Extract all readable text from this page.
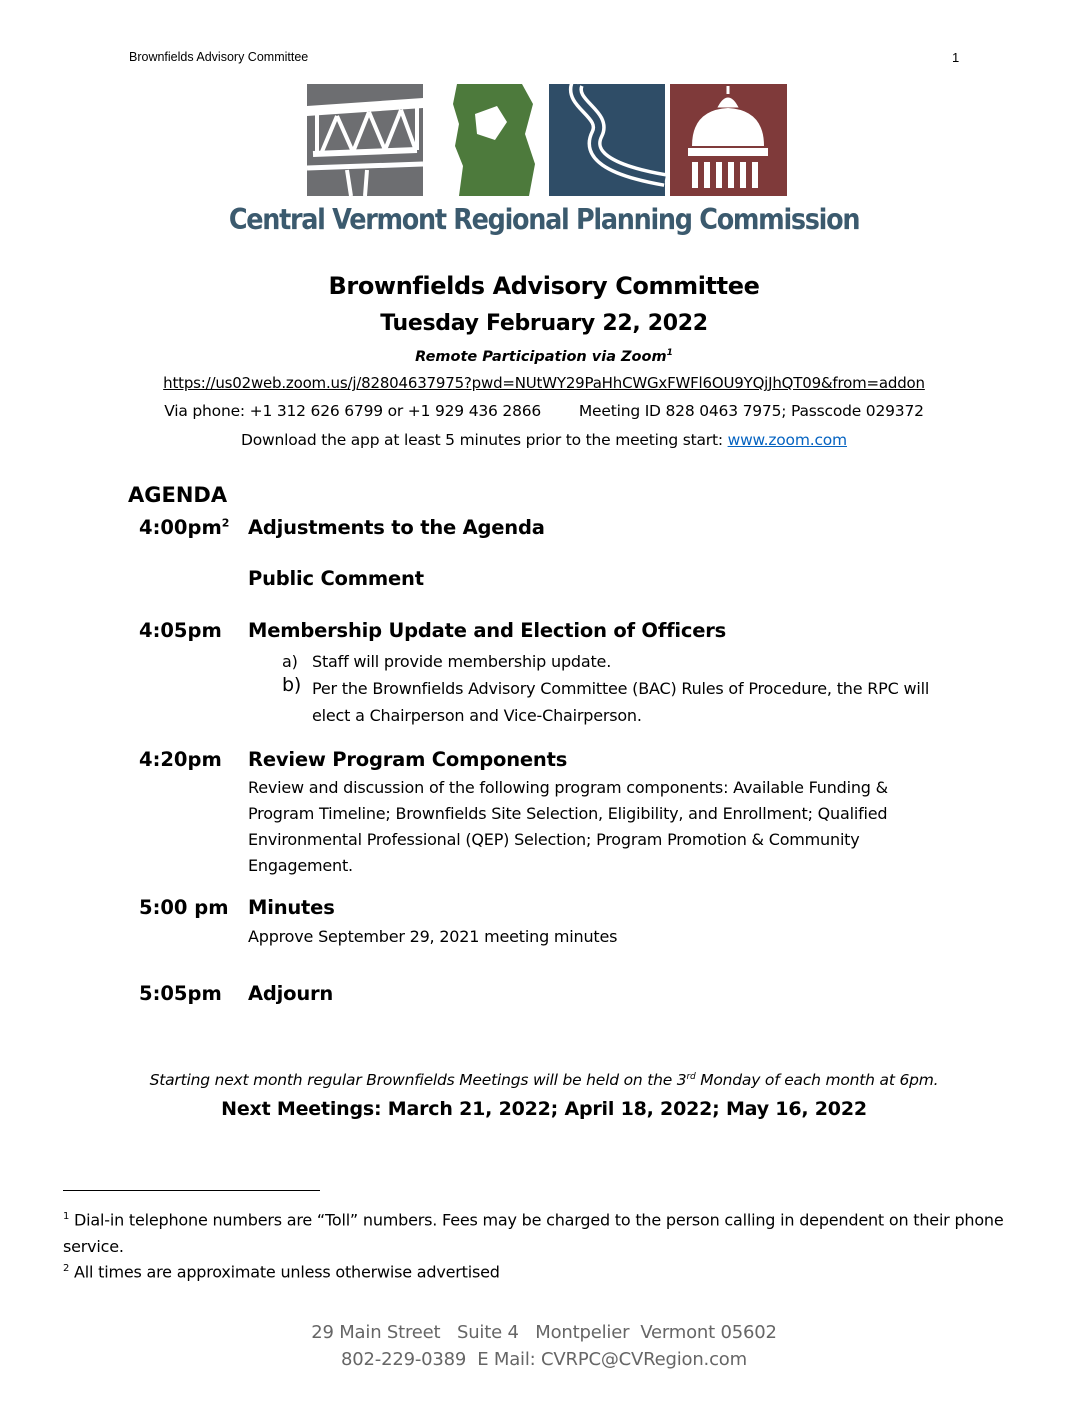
Brownfields Advisory Committee	1
Central Vermont Regional Planning Commission
Brownfields Advisory Committee
Tuesday February 22, 2022
Remote Participation via Zoom$^1$
https://us02web.zoom.us/j/82804637975?pwd=NUtWY29PaHhCWGxFWFl6OU9YQjJhQT09&from=addon
Via phone: +1 312 626 6799 or +1 929 436 2866        Meeting ID 828 0463 7975; Passcode 029372
Download the app at least 5 minutes prior to the meeting start: www.zoom.com
AGENDA
$4:00pm^2$ Adjustments to the Agenda
Public Comment
4:05pm Membership Update and Election of Officers
a) Staff will provide membership update.
b) Per the Brownfields Advisory Committee (BAC) Rules of Procedure, the RPC will elect a Chairperson and Vice-Chairperson.
4:20pm Review Program Components
Review and discussion of the following program components: Available Funding & Program Timeline; Brownfields Site Selection, Eligibility, and Enrollment; Qualified Environmental Professional (QEP) Selection; Program Promotion & Community Engagement.
5:00 pm Minutes
Approve September 29, 2021 meeting minutes
5:05pm Adjourn
Starting next month regular Brownfields Meetings will be held on the 3rd Monday of each month at 6pm.
Next Meetings: March 21, 2022; April 18, 2022; May 16, 2022
$^1$ Dial-in telephone numbers are “Toll” numbers. Fees may be charged to the person calling in dependent on their phone service.
$^2$ All times are approximate unless otherwise advertised
29 Main Street   Suite 4   Montpelier  Vermont 05602
802-229-0389  E Mail: CVRPC@CVRegion.com
